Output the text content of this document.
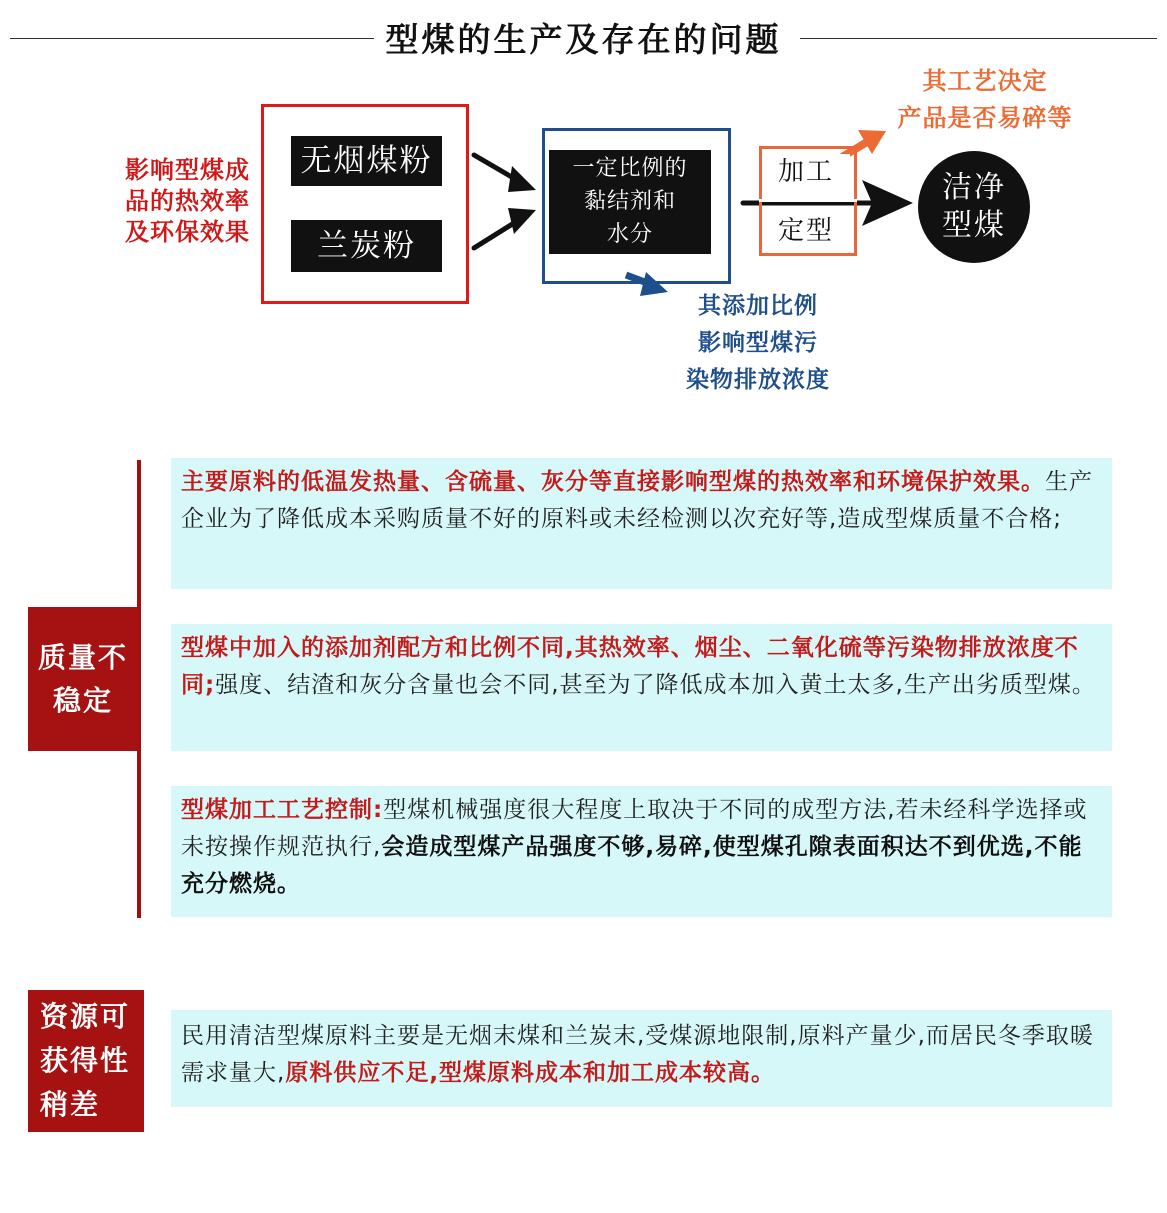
型煤的生产及存在的问题
影响型煤成
品的热效率
及环保效果
无烟煤粉
兰炭粉
一定比例的
黏结剂和
水分
其添加比例
影响型煤污
染物排放浓度
加工
定型
其工艺决定
产品是否易碎等
洁净
型煤
质量不
稳定
主要原料的低温发热量、含硫量、灰分等直接影响型煤的热效率和环境保护效果。生产企业为了降低成本采购质量不好的原料或未经检测以次充好等,造成型煤质量不合格;
型煤中加入的添加剂配方和比例不同,其热效率、烟尘、二氧化硫等污染物排放浓度不同;强度、结渣和灰分含量也会不同,甚至为了降低成本加入黄土太多,生产出劣质型煤。
型煤加工工艺控制:型煤机械强度很大程度上取决于不同的成型方法,若未经科学选择或未按操作规范执行,会造成型煤产品强度不够,易碎,使型煤孔隙表面积达不到优选,不能充分燃烧。
资源可
获得性
稍差
民用清洁型煤原料主要是无烟末煤和兰炭末,受煤源地限制,原料产量少,而居民冬季取暖需求量大,原料供应不足,型煤原料成本和加工成本较高。
